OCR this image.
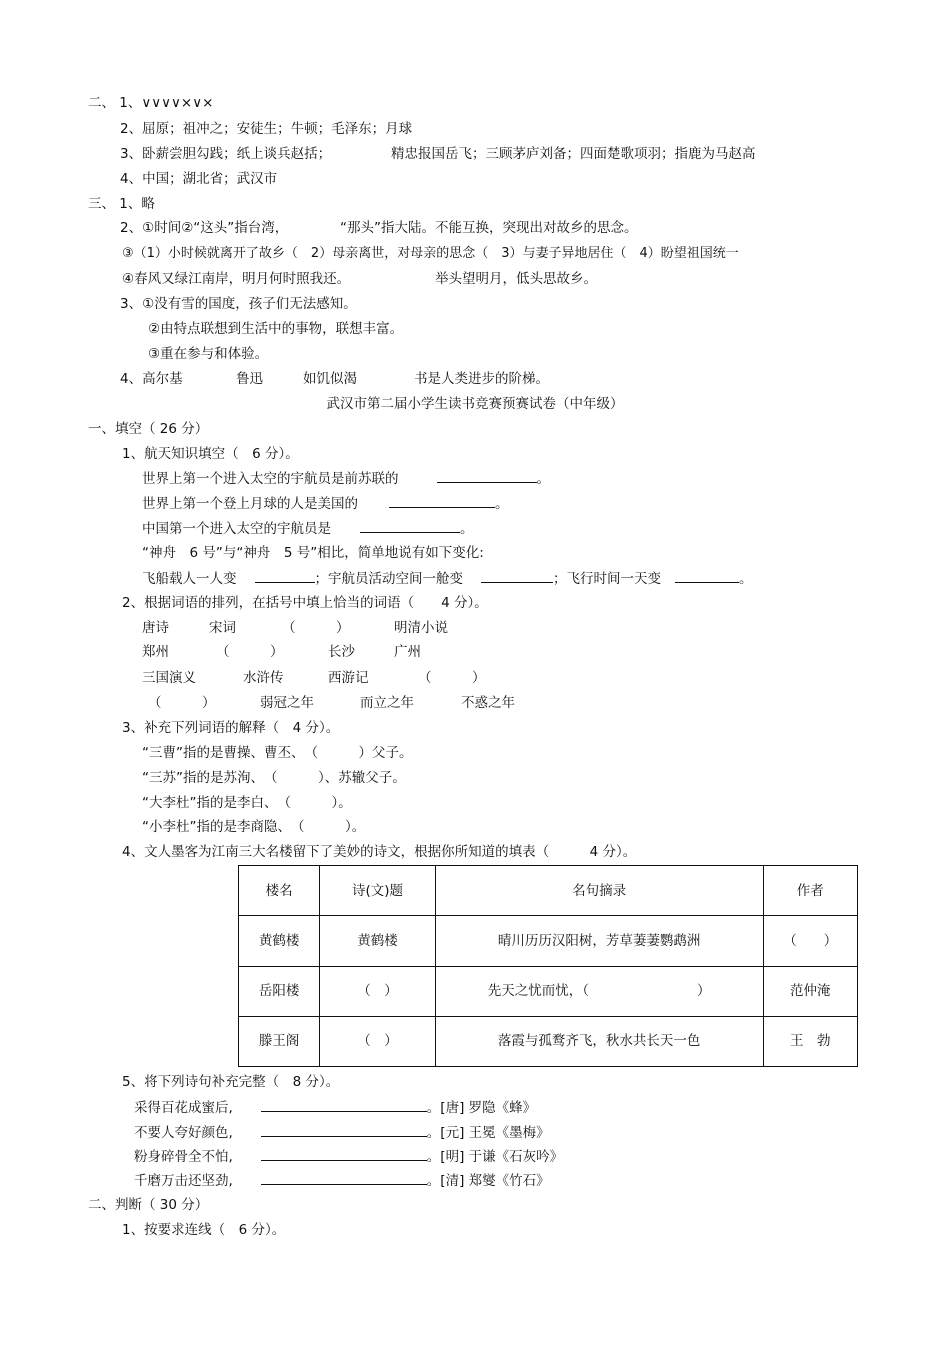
二、 1、∨∨∨∨×∨×
2、屈原；祖冲之；安徒生；牛顿；毛泽东；月球
3、卧薪尝胆勾践；纸上谈兵赵括；	精忠报国岳飞；三顾茅庐刘备；四面楚歌项羽；指鹿为马赵高
4、中国；湖北省；武汉市
三、 1、略
2、①时间②“这头”指台湾，	“那头”指大陆。不能互换，突现出对故乡的思念。
③（1）小时候就离开了故乡（　2）母亲离世，对母亲的思念（　3）与妻子异地居住（　4）盼望祖国统一
④春风又绿江南岸，明月何时照我还。	举头望明月，低头思故乡。
3、①没有雪的国度，孩子们无法感知。
②由特点联想到生活中的事物，联想丰富。
③重在参与和体验。
4、高尔基	鲁迅	如饥似渴	书是人类进步的阶梯。
武汉市第二届小学生读书竞赛预赛试卷（中年级）
一、填空（ 26 分）
1、航天知识填空（　6 分）。
世界上第一个进入太空的宇航员是前苏联的	。
世界上第一个登上月球的人是美国的	。
中国第一个进入太空的宇航员是	。
“神舟　6 号”与“神舟　5 号”相比，简单地说有如下变化:
飞船载人一人变	；宇航员活动空间一舱变	；飞行时间一天变	。
2、根据词语的排列，在括号中填上恰当的词语（　　4 分）。
唐诗	宋词	（　　　）	明清小说
郑州	（　　　）	长沙	广州
三国演义	水浒传	西游记	（　　　）
（　　　）	弱冠之年	而立之年	不惑之年
3、补充下列词语的解释（　4 分）。
“三曹”指的是曹操、曹丕、　（　　　）父子。
“三苏”指的是苏洵、　（　　　）、苏辙父子。
“大李杜”指的是李白、　（　　　）。
“小李杜”指的是李商隐、　（　　　）。
4、文人墨客为江南三大名楼留下了美妙的诗文，根据你所知道的填表（　　　4 分）。
楼名	诗(文)题	名句摘录	作者
黄鹤楼	黄鹤楼	晴川历历汉阳树，芳草萋萋鹦鹉洲	（　　）
岳阳楼	（　）	先天之忧而忧，（　　　　　　　　）	范仲淹
滕王阁	（　）	落霞与孤鹜齐飞，秋水共长天一色	王　勃
5、将下列诗句补充完整（　8 分）。
采得百花成蜜后,	。[唐] 罗隐《蜂》
不要人夸好颜色,	。[元] 王冕《墨梅》
粉身碎骨全不怕,	。[明] 于谦《石灰吟》
千磨万击还坚劲,	。[清] 郑燮《竹石》
二、判断（ 30 分）
1、按要求连线（　6 分）。
